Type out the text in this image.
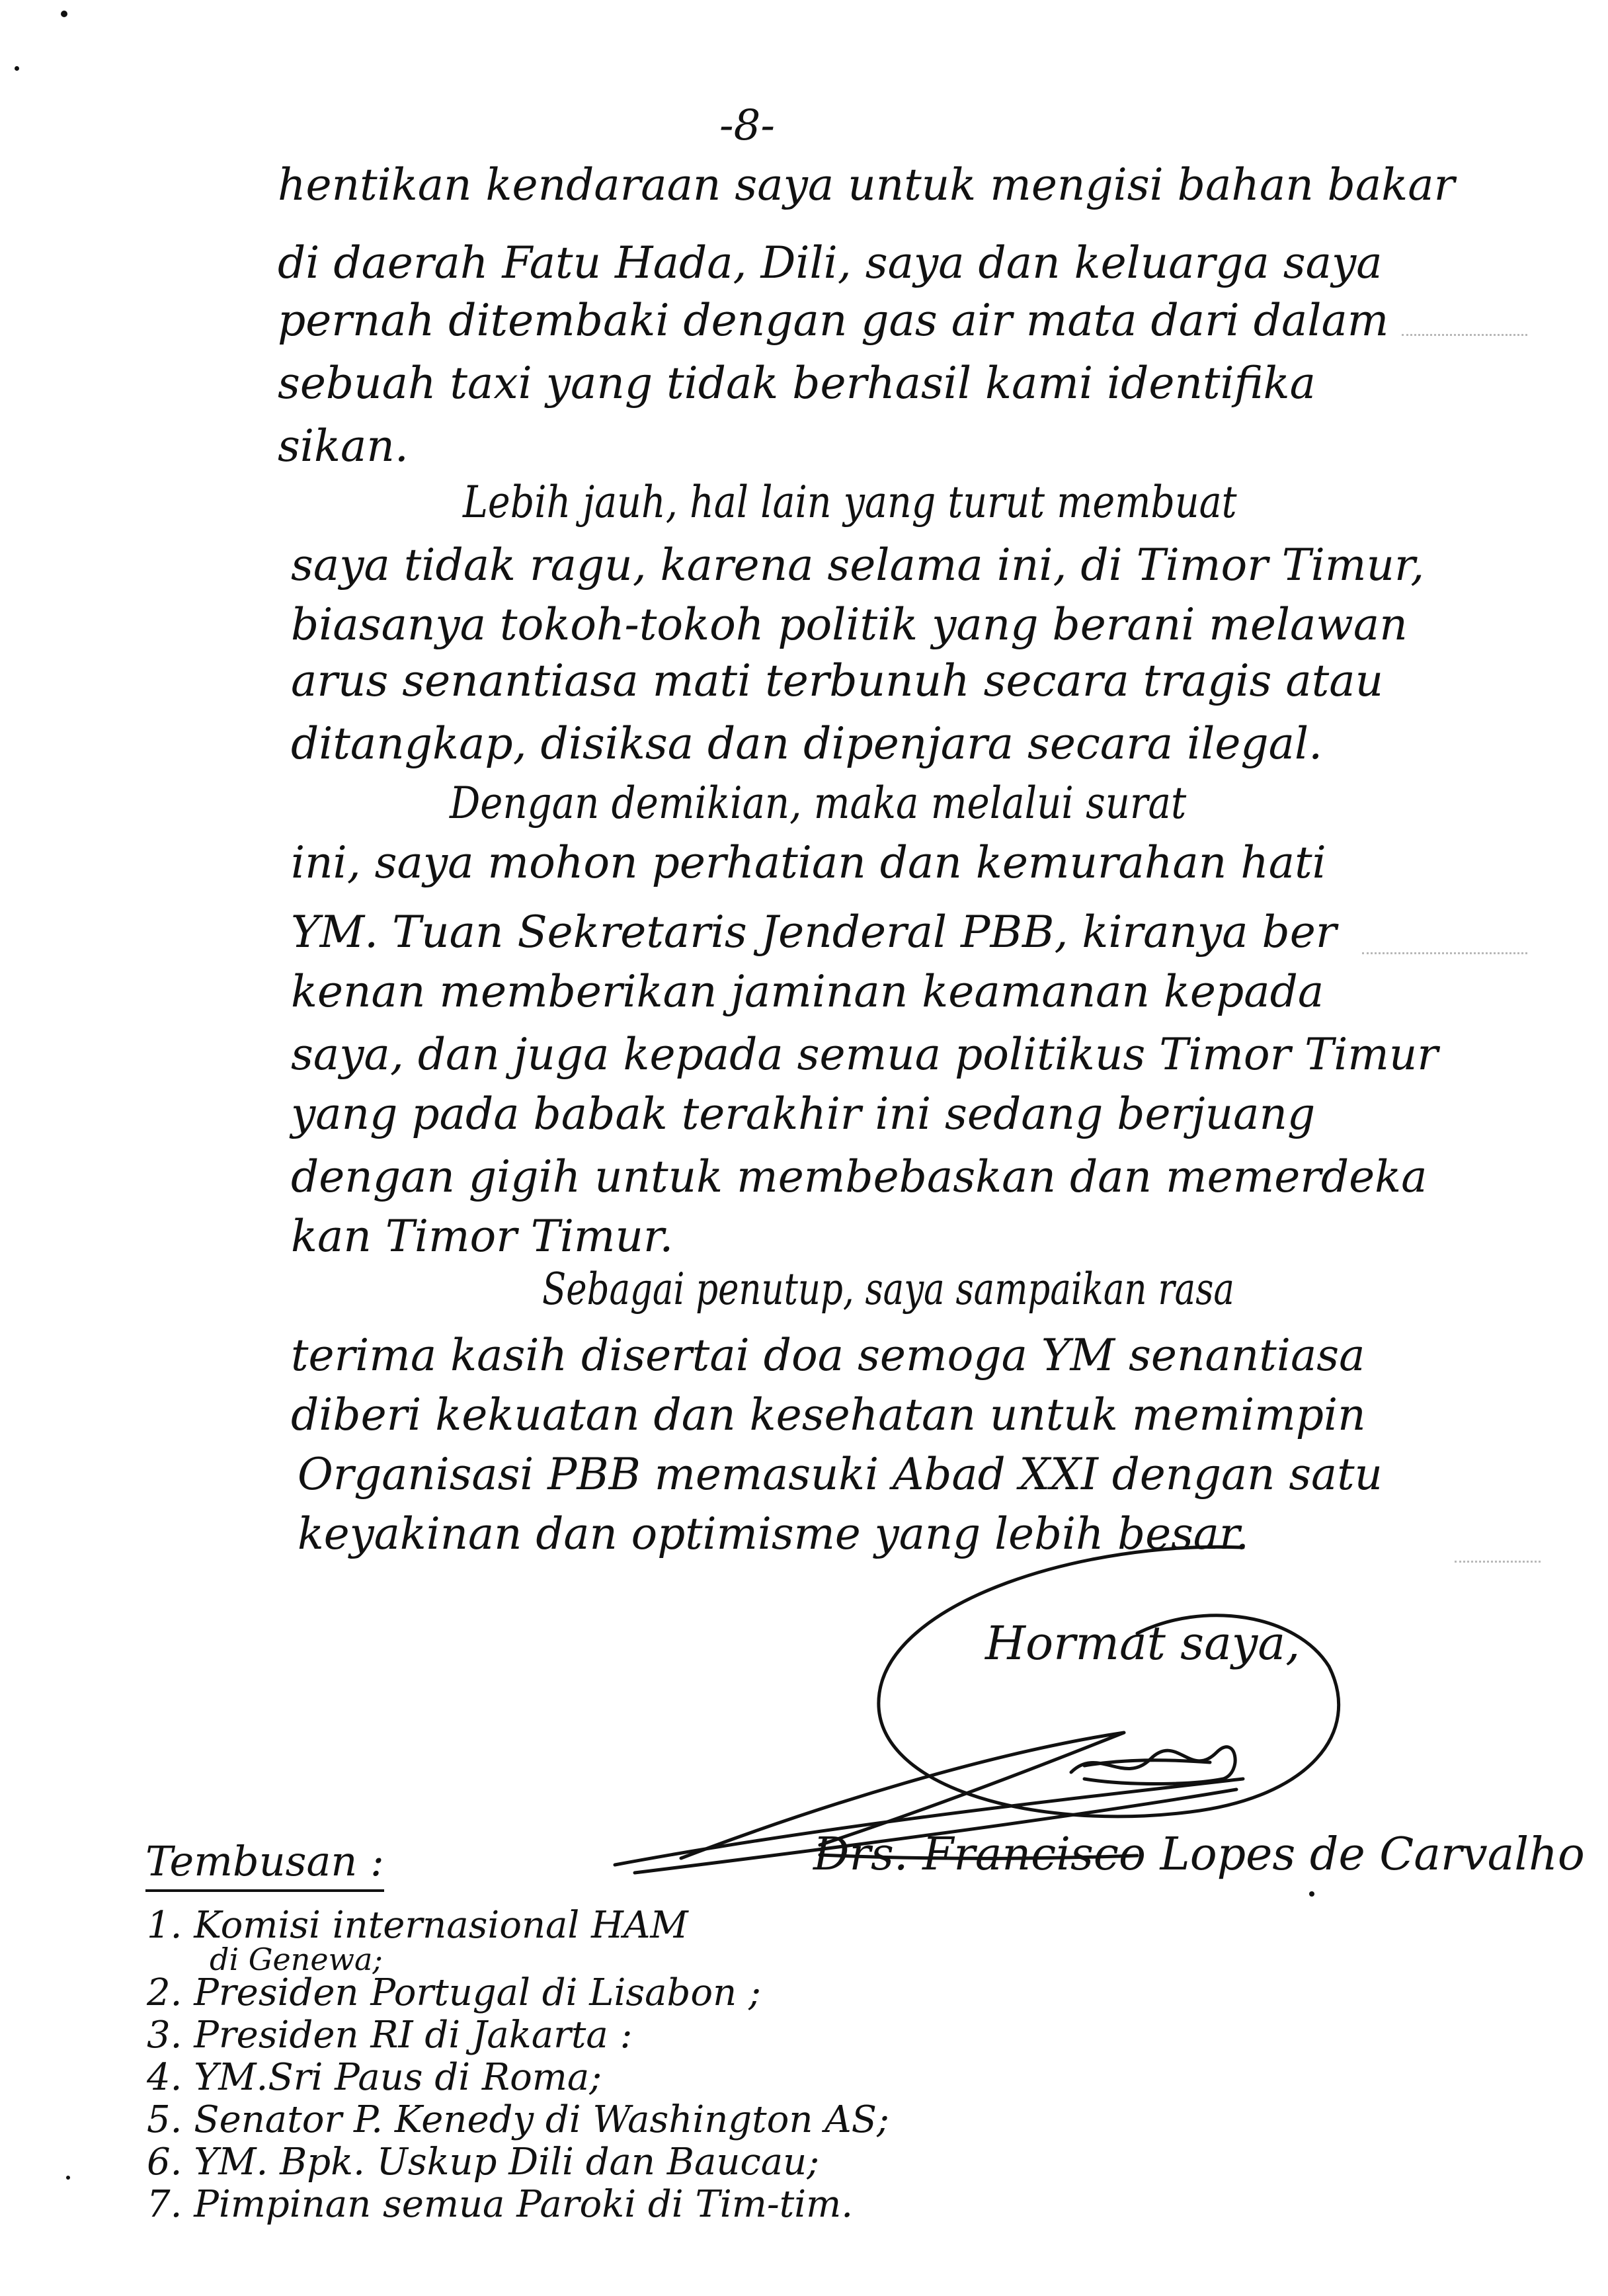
-8-
hentikan kendaraan saya untuk mengisi bahan bakar
di daerah Fatu Hada, Dili, saya dan keluarga saya
pernah ditembaki dengan gas air mata dari dalam
sebuah taxi yang tidak berhasil kami identifika
sikan.
Lebih jauh, hal lain yang turut membuat
saya tidak ragu, karena selama ini, di Timor Timur,
biasanya tokoh-tokoh politik yang berani melawan
arus senantiasa mati terbunuh secara tragis atau
ditangkap, disiksa dan dipenjara secara ilegal.
Dengan demikian, maka melalui surat
ini, saya mohon perhatian dan kemurahan hati
YM. Tuan Sekretaris Jenderal PBB, kiranya ber
kenan memberikan jaminan keamanan kepada
saya, dan juga kepada semua politikus Timor Timur
yang pada babak terakhir ini sedang berjuang
dengan gigih untuk membebaskan dan memerdeka
kan Timor Timur.
Sebagai penutup, saya sampaikan rasa
terima kasih disertai doa semoga YM senantiasa
diberi kekuatan dan kesehatan untuk memimpin
Organisasi PBB memasuki Abad XXI dengan satu
keyakinan dan optimisme yang lebih besar.
Hormat saya,
Drs. Francisco Lopes de Carvalho
Tembusan :
1. Komisi internasional HAM
di Genewa;
2. Presiden Portugal di Lisabon ;
3. Presiden RI di Jakarta :
4. YM.Sri Paus di Roma;
5. Senator P. Kenedy di Washington AS;
6. YM. Bpk. Uskup Dili dan Baucau;
7. Pimpinan semua Paroki di Tim-tim.
